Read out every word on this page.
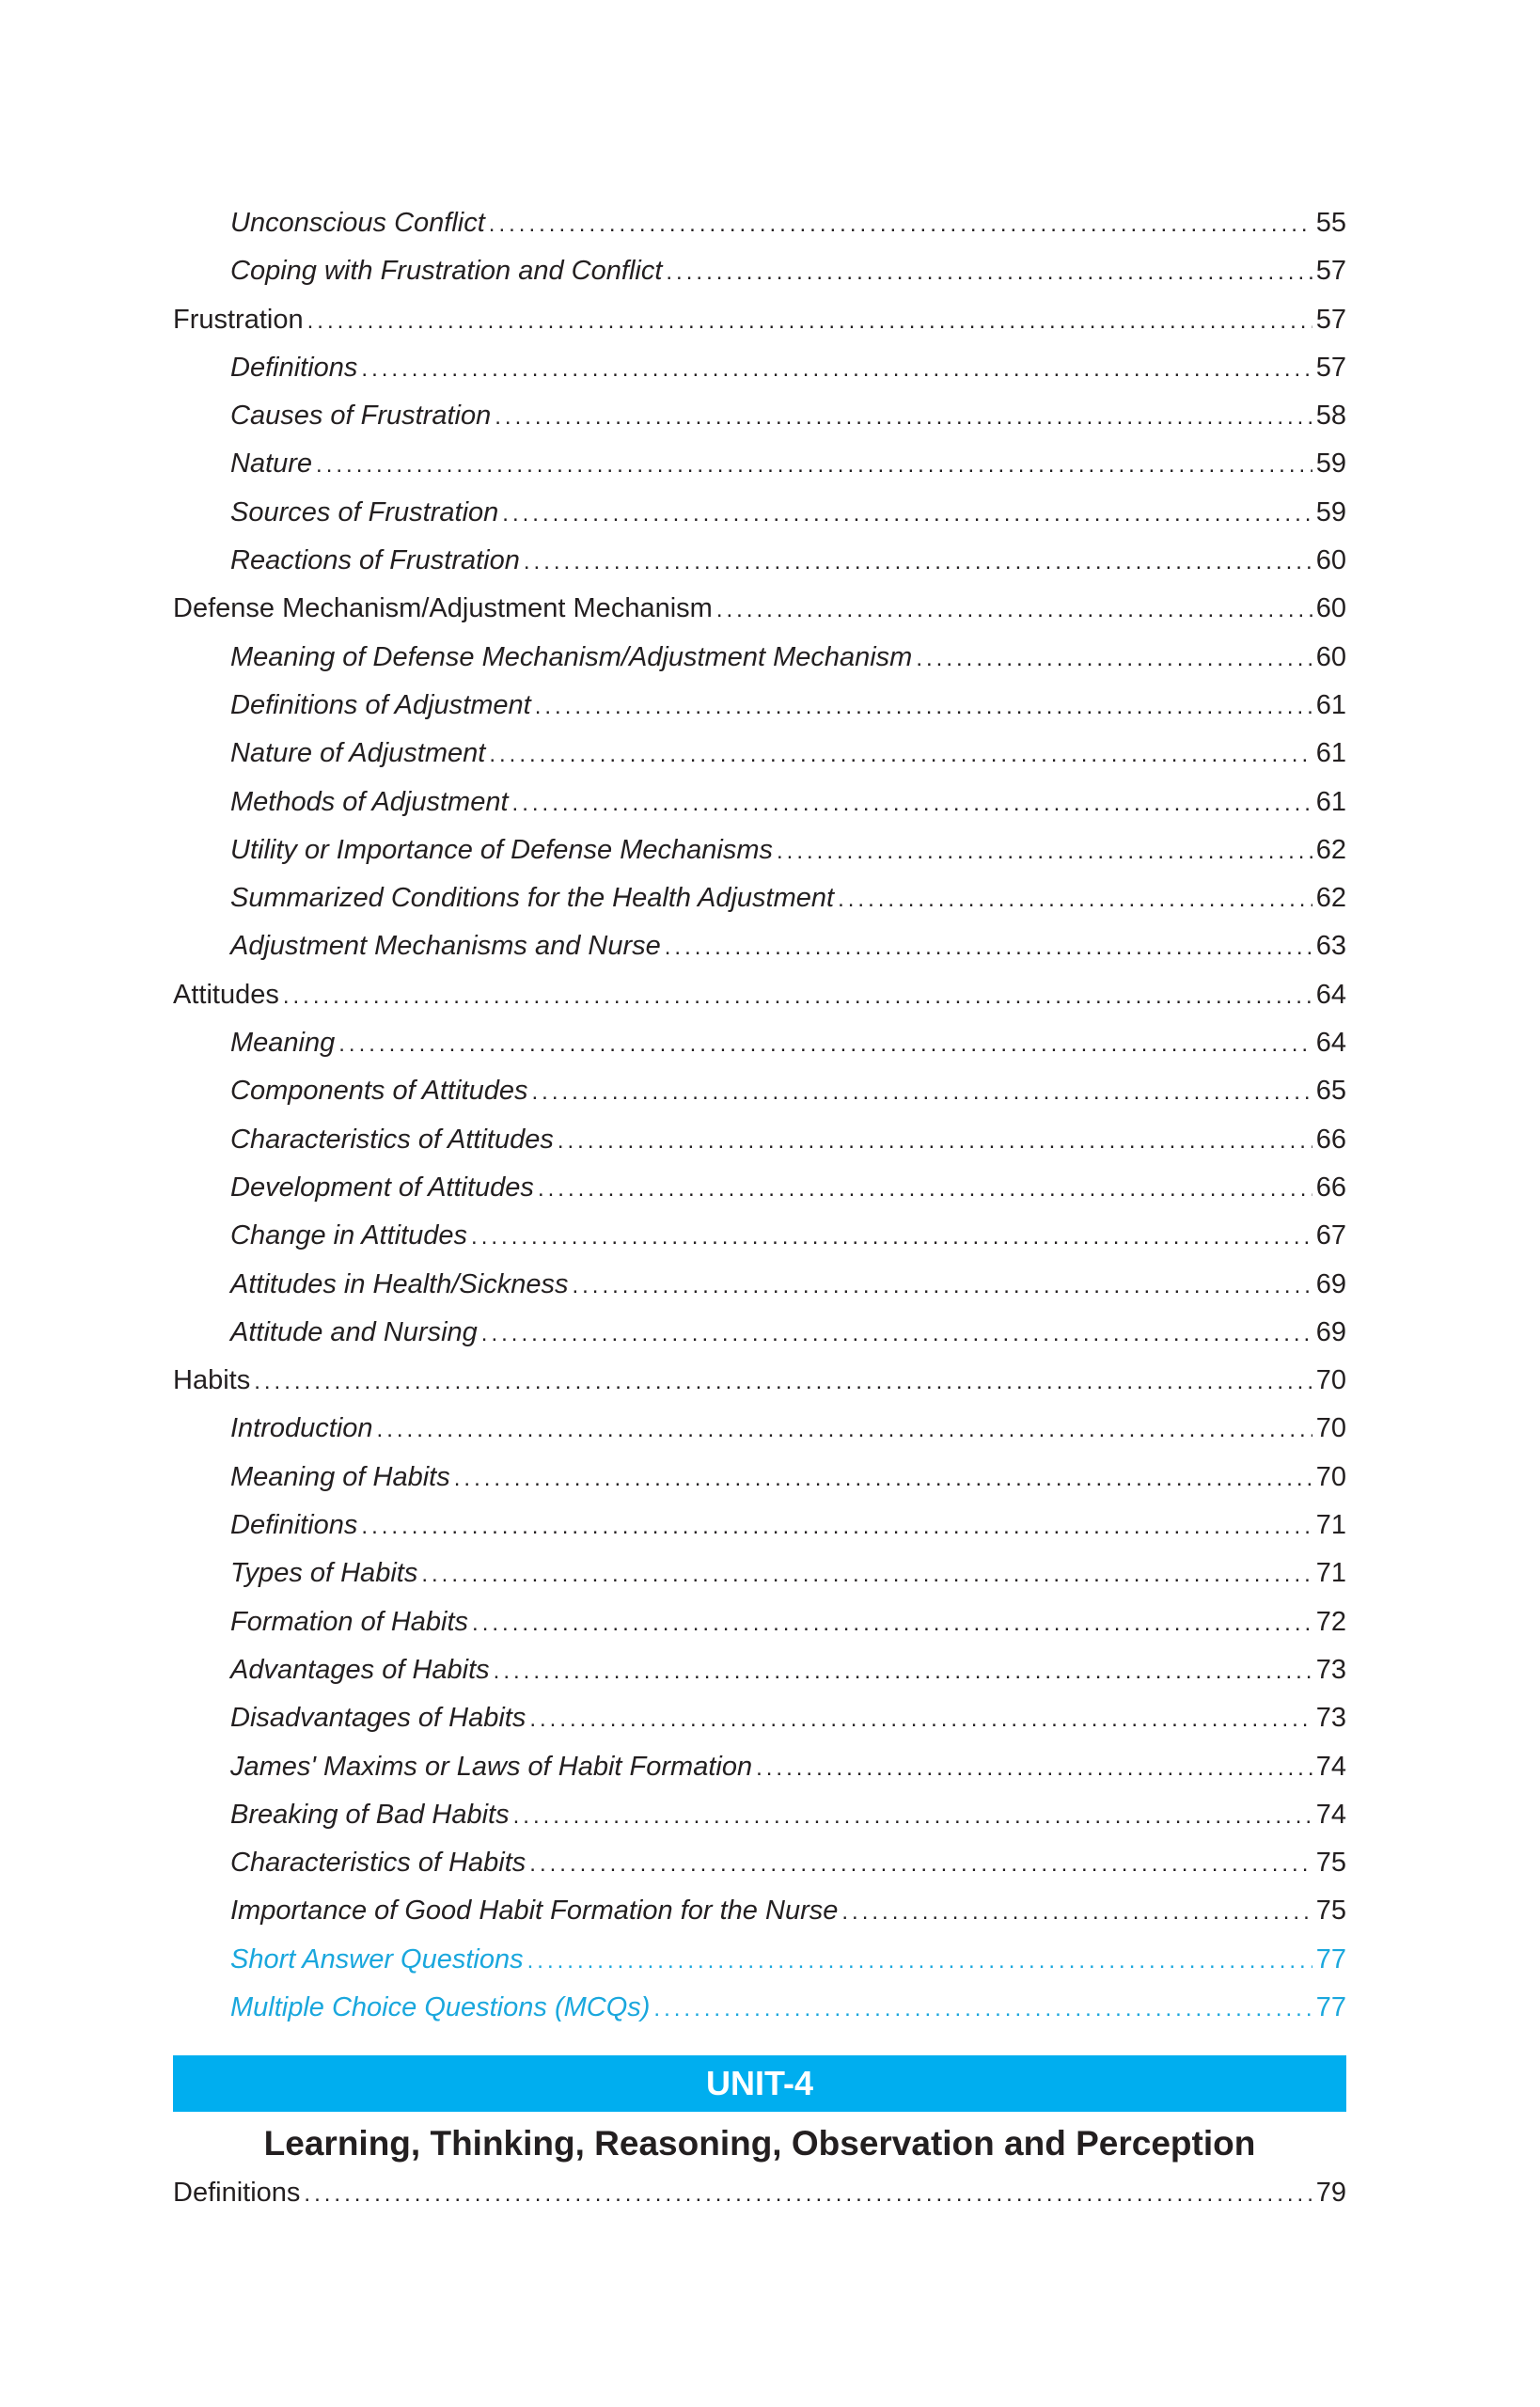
Unconscious Conflict .....	55
Coping with Frustration and Conflict .....	57
Frustration .....	57
Definitions .....	57
Causes of Frustration .....	58
Nature .....	59
Sources of Frustration .....	59
Reactions of Frustration .....	60
Defense Mechanism/Adjustment Mechanism .....	60
Meaning of Defense Mechanism/Adjustment Mechanism .....	60
Definitions of Adjustment .....	61
Nature of Adjustment .....	61
Methods of Adjustment .....	61
Utility or Importance of Defense Mechanisms .....	62
Summarized Conditions for the Health Adjustment .....	62
Adjustment Mechanisms and Nurse .....	63
Attitudes .....	64
Meaning .....	64
Components of Attitudes .....	65
Characteristics of Attitudes .....	66
Development of Attitudes .....	66
Change in Attitudes .....	67
Attitudes in Health/Sickness .....	69
Attitude and Nursing .....	69
Habits .....	70
Introduction .....	70
Meaning of Habits .....	70
Definitions .....	71
Types of Habits .....	71
Formation of Habits .....	72
Advantages of Habits .....	73
Disadvantages of Habits .....	73
James' Maxims or Laws of Habit Formation .....	74
Breaking of Bad Habits .....	74
Characteristics of Habits .....	75
Importance of Good Habit Formation for the Nurse .....	75
Short Answer Questions .....	77
Multiple Choice Questions (MCQs) .....	77
UNIT-4
Learning, Thinking, Reasoning, Observation and Perception
Definitions .....	79
